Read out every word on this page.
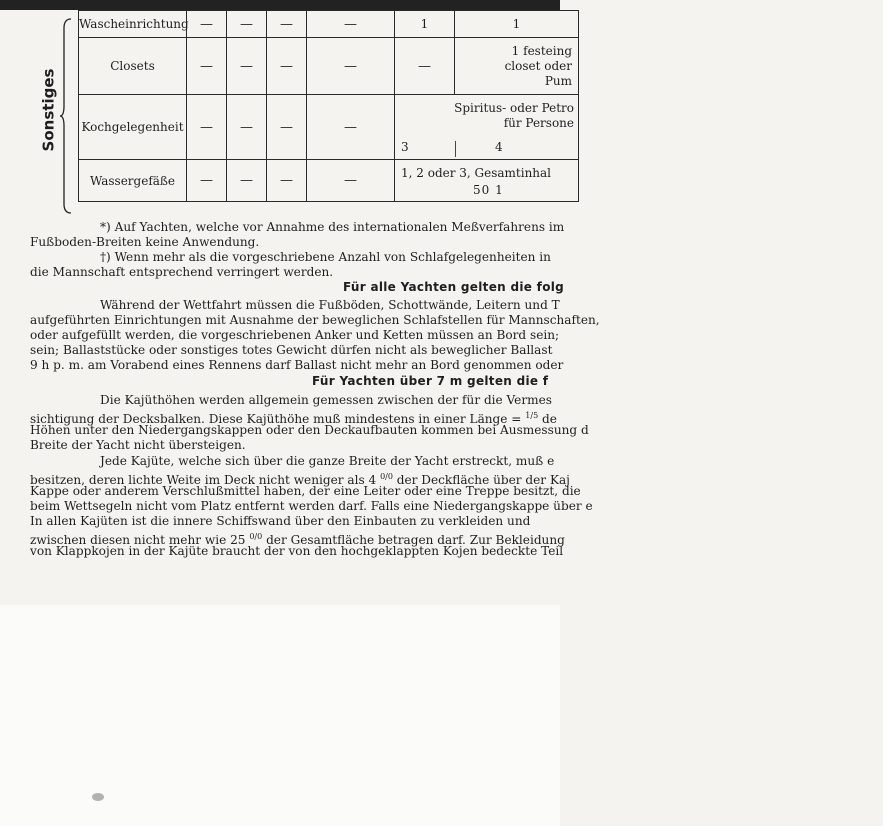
Sonstiges
Wascheinrichtung	—	—	—	—	1	1
Closets	—	—	—	—	—	1 festeing
closet oder
Pum

Kochgelegenheit	—	—	—	—	Spiritus- oder Petro
für Persone
3 4	

Wassergefäße	—	—	—	—	1, 2 oder 3, Gesamtinhal
50 1	

*) Auf Yachten, welche vor Annahme des internationalen Meßverfahrens im

Fußboden-Breiten keine Anwendung.

†) Wenn mehr als die vorgeschriebene Anzahl von Schlafgelegenheiten in

die Mannschaft entsprechend verringert werden.

Für alle Yachten gelten die folg

Während der Wettfahrt müssen die Fußböden, Schottwände, Leitern und T

aufgeführten Einrichtungen mit Ausnahme der beweglichen Schlafstellen für Mannschaften,

oder aufgefüllt werden, die vorgeschriebenen Anker und Ketten müssen an Bord sein;

sein; Ballaststücke oder sonstiges totes Gewicht dürfen nicht als beweglicher Ballast

9 h p. m. am Vorabend eines Rennens darf Ballast nicht mehr an Bord genommen oder

Für Yachten über 7 m gelten die f

Die Kajüthöhen werden allgemein gemessen zwischen der für die Vermes

sichtigung der Decksbalken. Diese Kajüthöhe muß mindestens in einer Länge = $^{1/5}$ de

Höhen unter den Niedergangskappen oder den Deckaufbauten kommen bei Ausmessung d

Breite der Yacht nicht übersteigen.

Jede Kajüte, welche sich über die ganze Breite der Yacht erstreckt, muß e

besitzen, deren lichte Weite im Deck nicht weniger als 4 $^{0/0}$ der Deckfläche über der Kaj

Kappe oder anderem Verschlußmittel haben, der eine Leiter oder eine Treppe besitzt, die

beim Wettsegeln nicht vom Platz entfernt werden darf. Falls eine Niedergangskappe über e

In allen Kajüten ist die innere Schiffswand über den Einbauten zu verkleiden und

zwischen diesen nicht mehr wie 25 $^{0/0}$ der Gesamtfläche betragen darf. Zur Bekleidung

von Klappkojen in der Kajüte braucht der von den hochgeklappten Kojen bedeckte Teil
